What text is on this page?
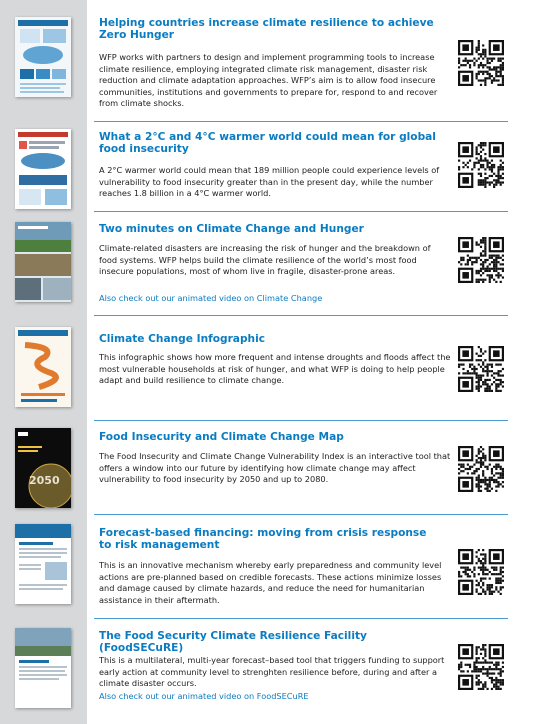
Helping countries increase climate resilience to achieve Zero Hunger

WFP works with partners to design and implement programming tools to increase climate resilience, employing integrated climate risk management, disaster risk reduction and climate adaptation approaches. WFP’s aim is to allow food insecure communities, institutions and governments to prepare for, respond to and recover from climate shocks.

What a 2°C and 4°C warmer world could mean for global food insecurity

A 2°C warmer world could mean that 189 million people could experience levels of vulnerability to food insecurity greater than in the present day, while the number reaches 1.8 billion in a 4°C warmer world.

Two minutes on Climate Change and Hunger

Climate-related disasters are increasing the risk of hunger and the breakdown of food systems. WFP helps build the climate resilience of the world’s most food insecure populations, most of whom live in fragile, disaster-prone areas.

Also check out our animated video on Climate Change
Climate Change Infographic

This infographic shows how more frequent and intense droughts and floods affect the most vulnerable households at risk of hunger, and what WFP is doing to help people adapt and build resilience to climate change.

2050
Food Insecurity and Climate Change Map

The Food Insecurity and Climate Change Vulnerability Index is an interactive tool that offers a window into our future by identifying how climate change may affect vulnerability to food insecurity by 2050 and up to 2080.

Forecast-based financing: moving from crisis response to risk management

This is an innovative mechanism whereby early preparedness and community level actions are pre-planned based on credible forecasts. These actions minimize losses and damage caused by climate hazards, and reduce the need for humanitarian assistance in their aftermath.

The Food Security Climate Resilience Facility (FoodSECuRE)

This is a multilateral, multi-year forecast–based tool that triggers funding to support early action at community level to strenghten resilience before, during and after a climate disaster occurs.

Also check out our animated video on FoodSECuRE
